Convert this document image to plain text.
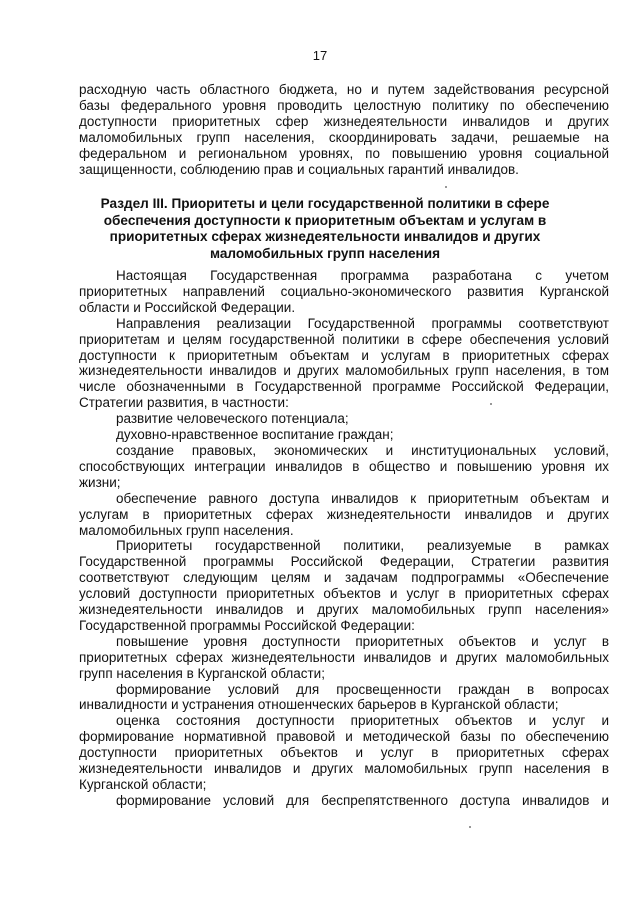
17
расходную часть областного бюджета, но и путем задействования ресурсной
базы федерального уровня проводить целостную политику по обеспечению
доступности приоритетных сфер жизнедеятельности инвалидов и других
маломобильных групп населения, скоординировать задачи, решаемые на
федеральном и региональном уровнях, по повышению уровня социальной
защищенности, соблюдению прав и социальных гарантий инвалидов.
Раздел III. Приоритеты и цели государственной политики в сфере
обеспечения доступности к приоритетным объектам и услугам в
приоритетных сферах жизнедеятельности инвалидов и других
маломобильных групп населения
Настоящая Государственная программа разработана с учетом
приоритетных направлений социально-экономического развития Курганской
области и Российской Федерации.
Направления реализации Государственной программы соответствуют
приоритетам и целям государственной политики в сфере обеспечения условий
доступности к приоритетным объектам и услугам в приоритетных сферах
жизнедеятельности инвалидов и других маломобильных групп населения, в том
числе обозначенными в Государственной программе Российской Федерации,
Стратегии развития, в частности:
развитие человеческого потенциала;
духовно-нравственное воспитание граждан;
создание правовых, экономических и институциональных условий,
способствующих интеграции инвалидов в общество и повышению уровня их
жизни;
обеспечение равного доступа инвалидов к приоритетным объектам и
услугам в приоритетных сферах жизнедеятельности инвалидов и других
маломобильных групп населения.
Приоритеты государственной политики, реализуемые в рамках
Государственной программы Российской Федерации, Стратегии развития
соответствуют следующим целям и задачам подпрограммы «Обеспечение
условий доступности приоритетных объектов и услуг в приоритетных сферах
жизнедеятельности инвалидов и других маломобильных групп населения»
Государственной программы Российской Федерации:
повышение уровня доступности приоритетных объектов и услуг в
приоритетных сферах жизнедеятельности инвалидов и других маломобильных
групп населения в Курганской области;
формирование условий для просвещенности граждан в вопросах
инвалидности и устранения отношенческих барьеров в Курганской области;
оценка состояния доступности приоритетных объектов и услуг и
формирование нормативной правовой и методической базы по обеспечению
доступности приоритетных объектов и услуг в приоритетных сферах
жизнедеятельности инвалидов и других маломобильных групп населения в
Курганской области;
формирование условий для беспрепятственного доступа инвалидов и
